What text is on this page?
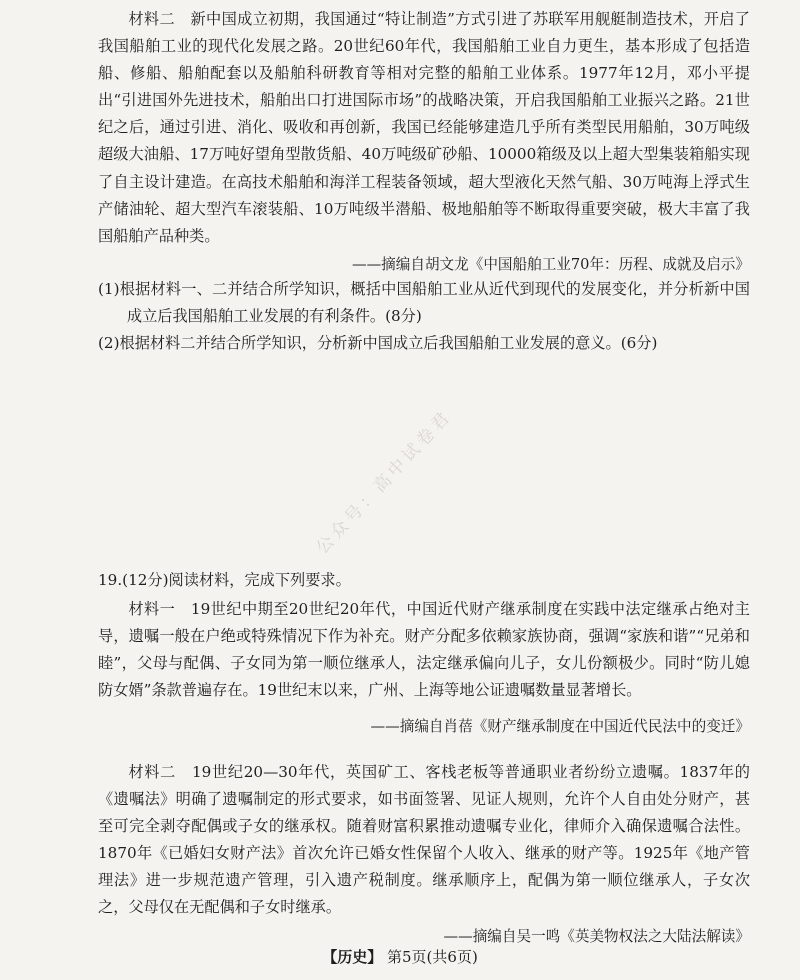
材料二　新中国成立初期，我国通过“特让制造”方式引进了苏联军用舰艇制造技术，开启了我国船舶工业的现代化发展之路。20世纪60年代，我国船舶工业自力更生，基本形成了包括造船、修船、船舶配套以及船舶科研教育等相对完整的船舶工业体系。1977年12月，邓小平提出“引进国外先进技术，船舶出口打进国际市场”的战略决策，开启我国船舶工业振兴之路。21世纪之后，通过引进、消化、吸收和再创新，我国已经能够建造几乎所有类型民用船舶，30万吨级超级大油船、17万吨好望角型散货船、40万吨级矿砂船、10000箱级及以上超大型集装箱船实现了自主设计建造。在高技术船舶和海洋工程装备领域，超大型液化天然气船、30万吨海上浮式生产储油轮、超大型汽车滚装船、10万吨级半潜船、极地船舶等不断取得重要突破，极大丰富了我国船舶产品种类。

——摘编自胡文龙《中国船舶工业70年：历程、成就及启示》

(1)根据材料一、二并结合所学知识，概括中国船舶工业从近代到现代的发展变化，并分析新中国成立后我国船舶工业发展的有利条件。(8分)

(2)根据材料二并结合所学知识，分析新中国成立后我国船舶工业发展的意义。(6分)

公众号：高中试卷君
19.(12分)阅读材料，完成下列要求。

材料一　19世纪中期至20世纪20年代，中国近代财产继承制度在实践中法定继承占绝对主导，遗嘱一般在户绝或特殊情况下作为补充。财产分配多依赖家族协商，强调“家族和谐”“兄弟和睦”，父母与配偶、子女同为第一顺位继承人，法定继承偏向儿子，女儿份额极少。同时“防儿媳防女婿”条款普遍存在。19世纪末以来，广州、上海等地公证遗嘱数量显著增长。

——摘编自肖蓓《财产继承制度在中国近代民法中的变迁》

材料二　19世纪20—30年代，英国矿工、客栈老板等普通职业者纷纷立遗嘱。1837年的《遗嘱法》明确了遗嘱制定的形式要求，如书面签署、见证人规则，允许个人自由处分财产，甚至可完全剥夺配偶或子女的继承权。随着财富积累推动遗嘱专业化，律师介入确保遗嘱合法性。1870年《已婚妇女财产法》首次允许已婚女性保留个人收入、继承的财产等。1925年《地产管理法》进一步规范遗产管理，引入遗产税制度。继承顺序上，配偶为第一顺位继承人，子女次之，父母仅在无配偶和子女时继承。

——摘编自吴一鸣《英美物权法之大陆法解读》

【历史】 第5页(共6页)
